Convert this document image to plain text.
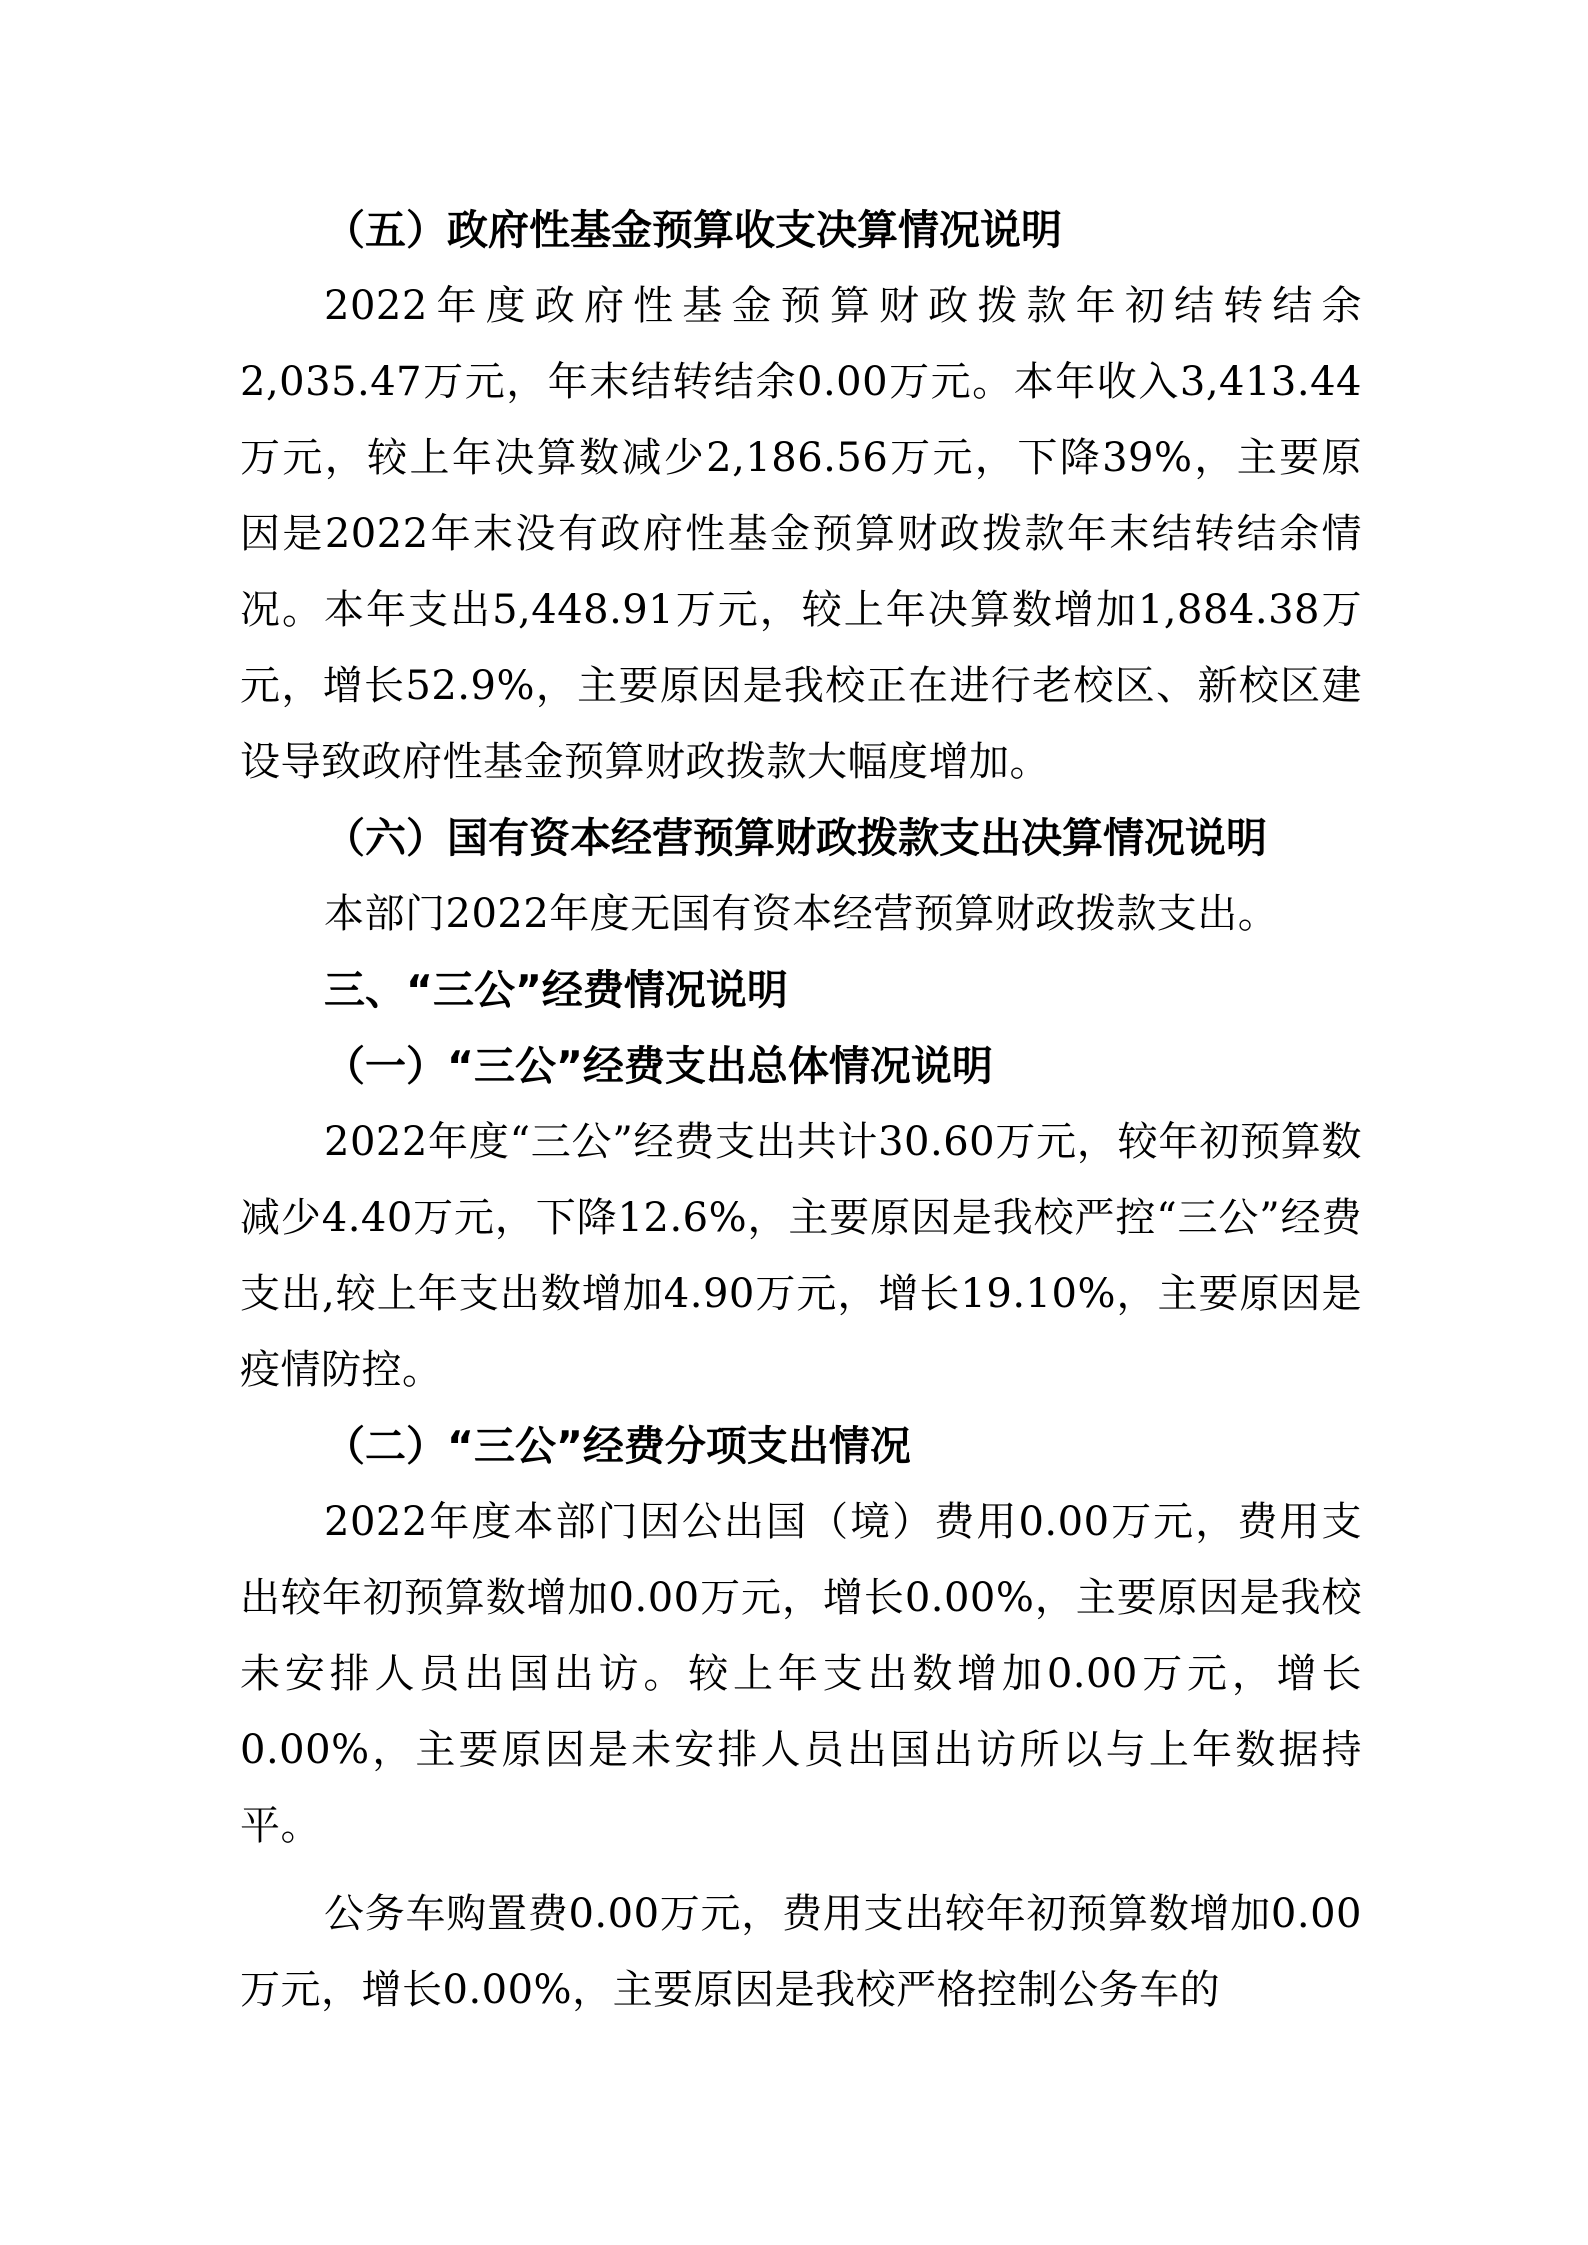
（五）政府性基金预算收支决算情况说明

2022年度政府性基金预算财政拨款年初结转结余2,035.47万元，年末结转结余0.00万元。本年收入3,413.44万元，较上年决算数减少2,186.56万元，下降39%，主要原因是2022年末没有政府性基金预算财政拨款年末结转结余情况。本年支出5,448.91万元，较上年决算数增加1,884.38万元，增长52.9%，主要原因是我校正在进行老校区、新校区建设导致政府性基金预算财政拨款大幅度增加。

（六）国有资本经营预算财政拨款支出决算情况说明

本部门2022年度无国有资本经营预算财政拨款支出。

三、“三公”经费情况说明
（一）“三公”经费支出总体情况说明

2022年度“三公”经费支出共计30.60万元，较年初预算数减少4.40万元，下降12.6%，主要原因是我校严控“三公”经费支出,较上年支出数增加4.90万元，增长19.10%，主要原因是疫情防控。

（二）“三公”经费分项支出情况

2022年度本部门因公出国（境）费用0.00万元，费用支出较年初预算数增加0.00万元，增长0.00%，主要原因是我校未安排人员出国出访。较上年支出数增加0.00万元，增长0.00%，主要原因是未安排人员出国出访所以与上年数据持平。

公务车购置费0.00万元，费用支出较年初预算数增加0.00万元，增长0.00%，主要原因是我校严格控制公务车的
